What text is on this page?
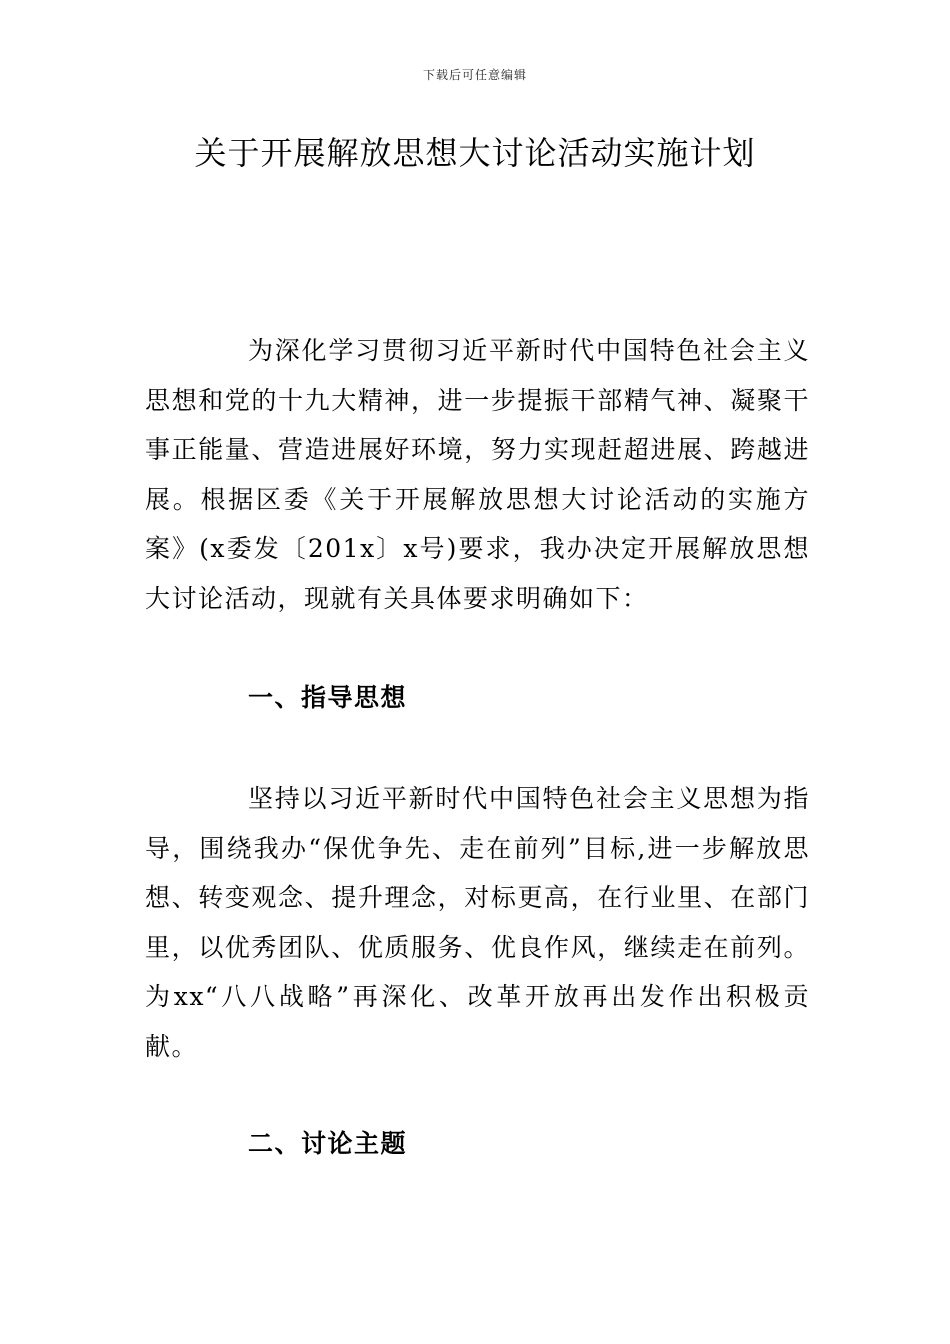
下载后可任意编辑
关于开展解放思想大讨论活动实施计划

为深化学习贯彻习近平新时代中国特色社会主义思想和党的十九大精神，进一步提振干部精气神、凝聚干事正能量、营造进展好环境，努力实现赶超进展、跨越进展。根据区委《关于开展解放思想大讨论活动的实施方案》(x委发〔201x〕x号)要求，我办决定开展解放思想大讨论活动，现就有关具体要求明确如下：

一、指导思想

坚持以习近平新时代中国特色社会主义思想为指导，围绕我办“保优争先、走在前列”目标,进一步解放思想、转变观念、提升理念，对标更高，在行业里、在部门里，以优秀团队、优质服务、优良作风，继续走在前列。为xx“八八战略”再深化、改革开放再出发作出积极贡献。

二、讨论主题
